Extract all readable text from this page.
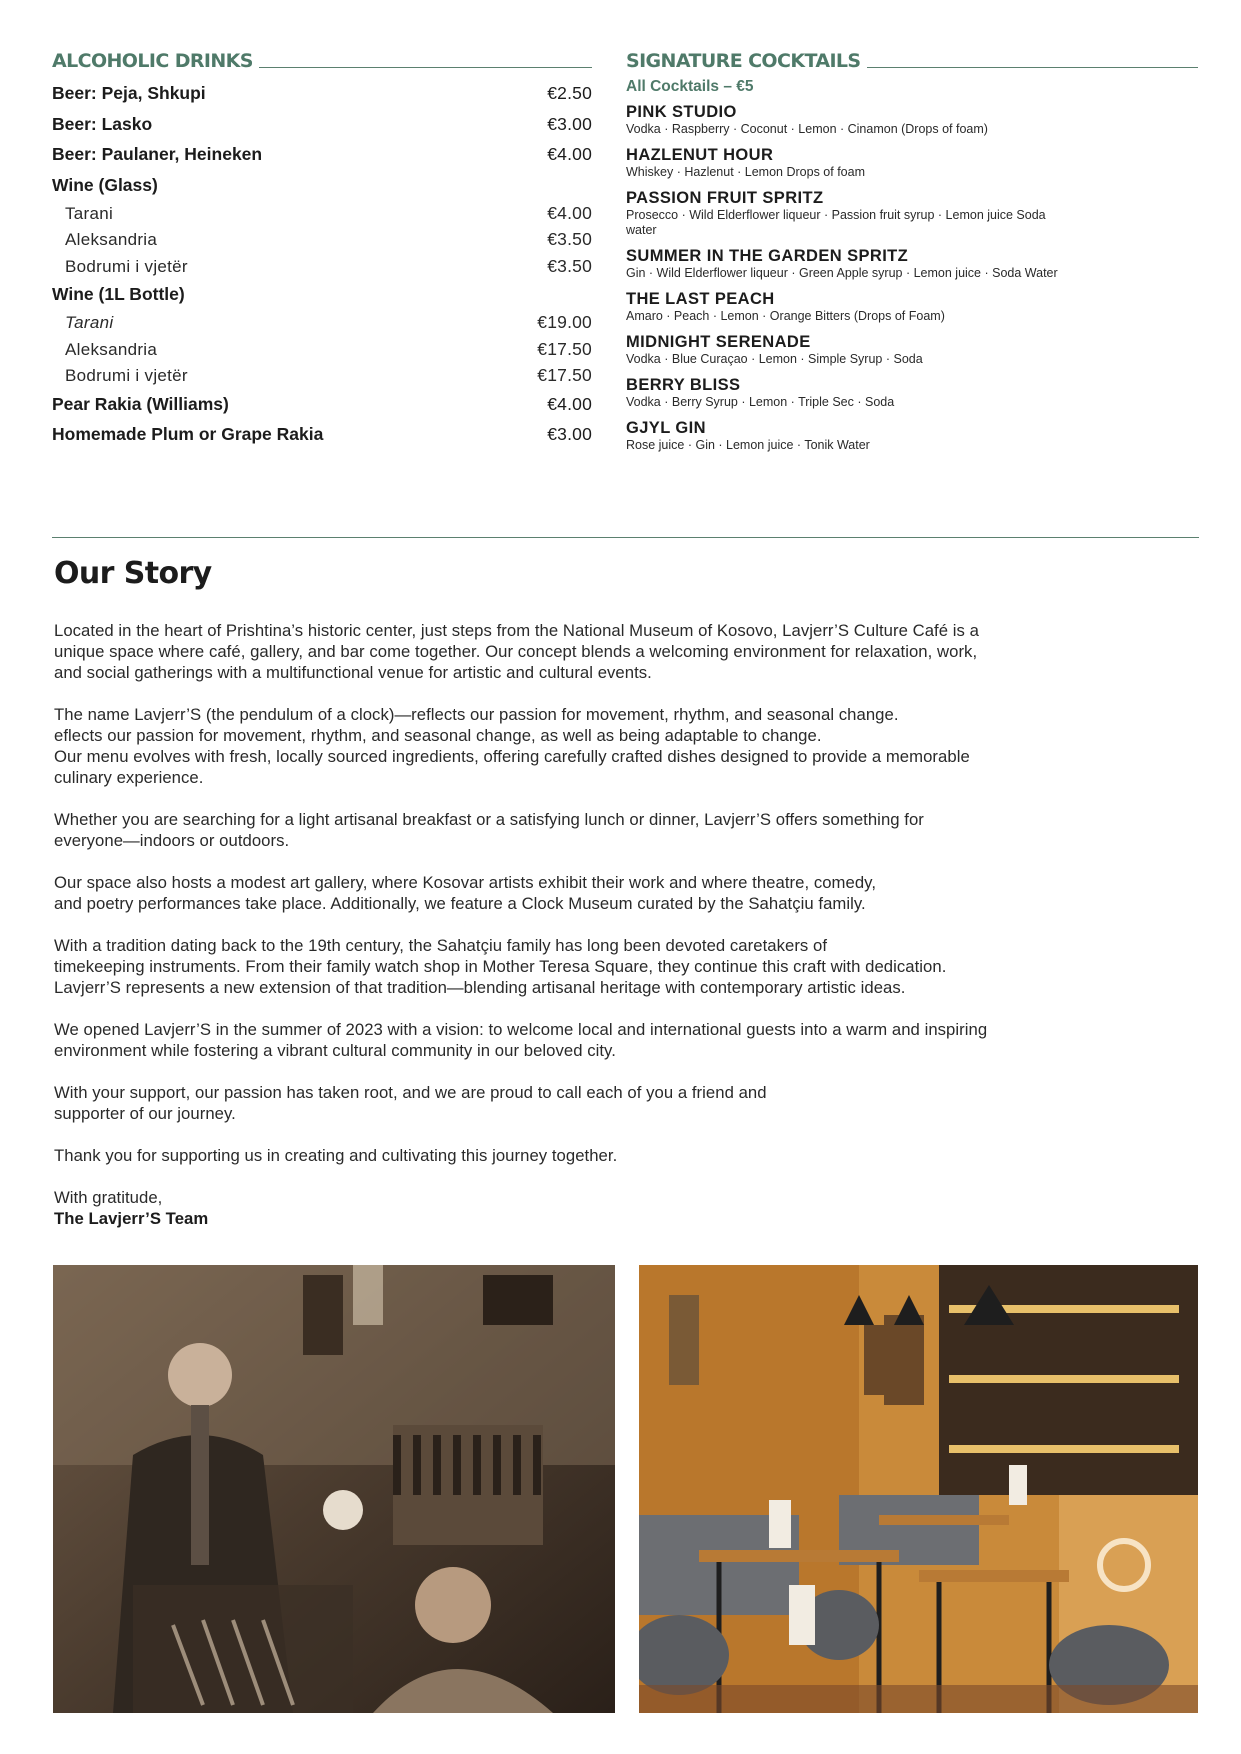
ALCOHOLIC DRINKS
Beer: Peja, Shkupi	€2.50
Beer: Lasko	€3.00
Beer: Paulaner, Heineken	€4.00
Wine (Glass)
Tarani	€4.00
Aleksandria	€3.50
Bodrumi i vjetër	€3.50
Wine (1L Bottle)
Tarani	€19.00
Aleksandria	€17.50
Bodrumi i vjetër	€17.50
Pear Rakia (Williams)	€4.00
Homemade Plum or Grape Rakia	€3.00
SIGNATURE COCKTAILS
All Cocktails – €5
PINK STUDIO
Vodka · Raspberry · Coconut · Lemon · Cinamon (Drops of foam)
HAZLENUT HOUR
Whiskey · Hazlenut · Lemon Drops of foam
PASSION FRUIT SPRITZ
Prosecco · Wild Elderflower liqueur · Passion fruit syrup · Lemon juice Soda water
SUMMER IN THE GARDEN SPRITZ
Gin · Wild Elderflower liqueur · Green Apple syrup · Lemon juice · Soda Water
THE LAST PEACH
Amaro · Peach · Lemon · Orange Bitters (Drops of Foam)
MIDNIGHT SERENADE
Vodka · Blue Curaçao · Lemon · Simple Syrup · Soda
BERRY BLISS
Vodka · Berry Syrup · Lemon · Triple Sec · Soda
GJYL GIN
Rose juice · Gin · Lemon juice · Tonik Water
Our Story

Located in the heart of Prishtina’s historic center, just steps from the National Museum of Kosovo, Lavjerr’S Culture Café is a
unique space where café, gallery, and bar come together. Our concept blends a welcoming environment for relaxation, work,
and social gatherings with a multifunctional venue for artistic and cultural events.

The name Lavjerr’S (the pendulum of a clock)—reflects our passion for movement, rhythm, and seasonal change.
eflects our passion for movement, rhythm, and seasonal change, as well as being adaptable to change.
Our menu evolves with fresh, locally sourced ingredients, offering carefully crafted dishes designed to provide a memorable
culinary experience.

Whether you are searching for a light artisanal breakfast or a satisfying lunch or dinner, Lavjerr’S offers something for
everyone—indoors or outdoors.

Our space also hosts a modest art gallery, where Kosovar artists exhibit their work and where theatre, comedy,
and poetry performances take place. Additionally, we feature a Clock Museum curated by the Sahatçiu family.

With a tradition dating back to the 19th century, the Sahatçiu family has long been devoted caretakers of
timekeeping instruments. From their family watch shop in Mother Teresa Square, they continue this craft with dedication.
Lavjerr’S represents a new extension of that tradition—blending artisanal heritage with contemporary artistic ideas.

We opened Lavjerr’S in the summer of 2023 with a vision: to welcome local and international guests into a warm and inspiring
environment while fostering a vibrant cultural community in our beloved city.

With your support, our passion has taken root, and we are proud to call each of you a friend and
supporter of our journey.

Thank you for supporting us in creating and cultivating this journey together.

With gratitude,
The Lavjerr’S Team
